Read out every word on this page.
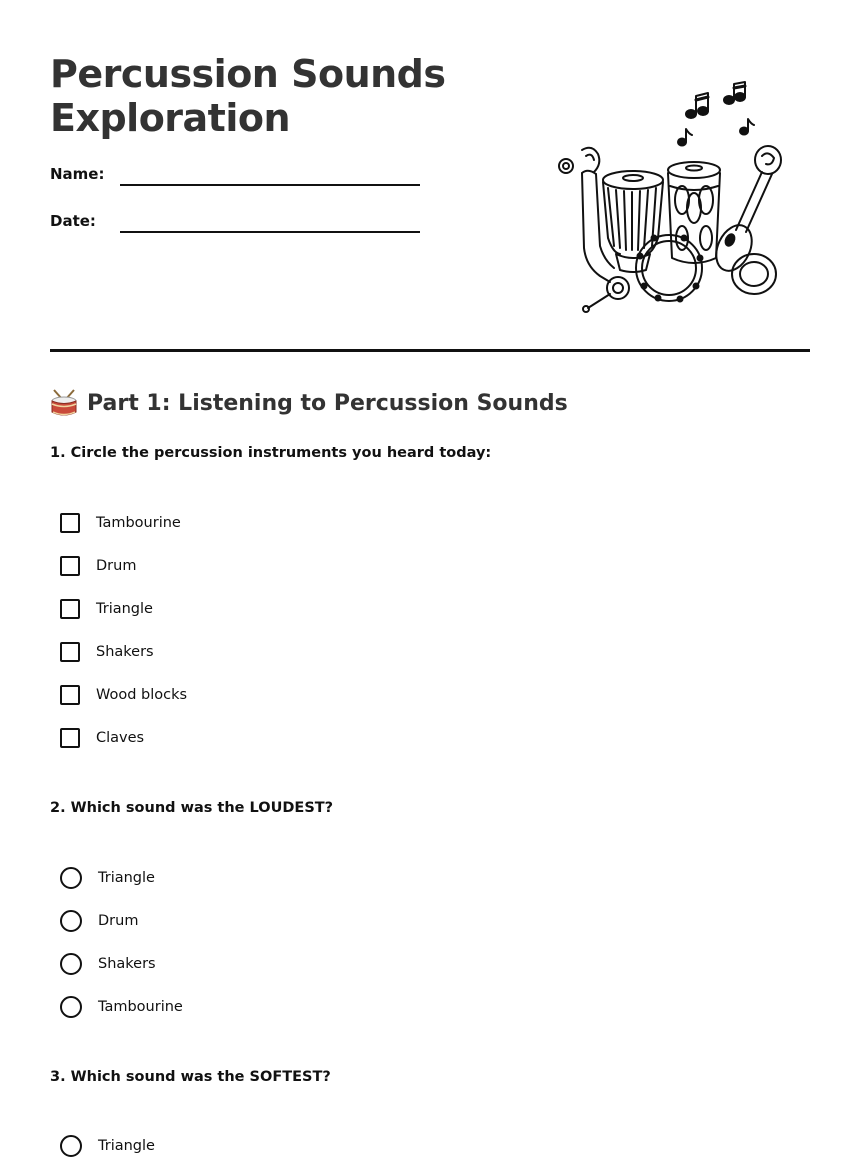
Percussion Sounds
Exploration
Name:
Date:
Part 1: Listening to Percussion Sounds
1. Circle the percussion instruments you heard today:
Tambourine
Drum
Triangle
Shakers
Wood blocks
Claves
2. Which sound was the LOUDEST?
Triangle
Drum
Shakers
Tambourine
3. Which sound was the SOFTEST?
Triangle
